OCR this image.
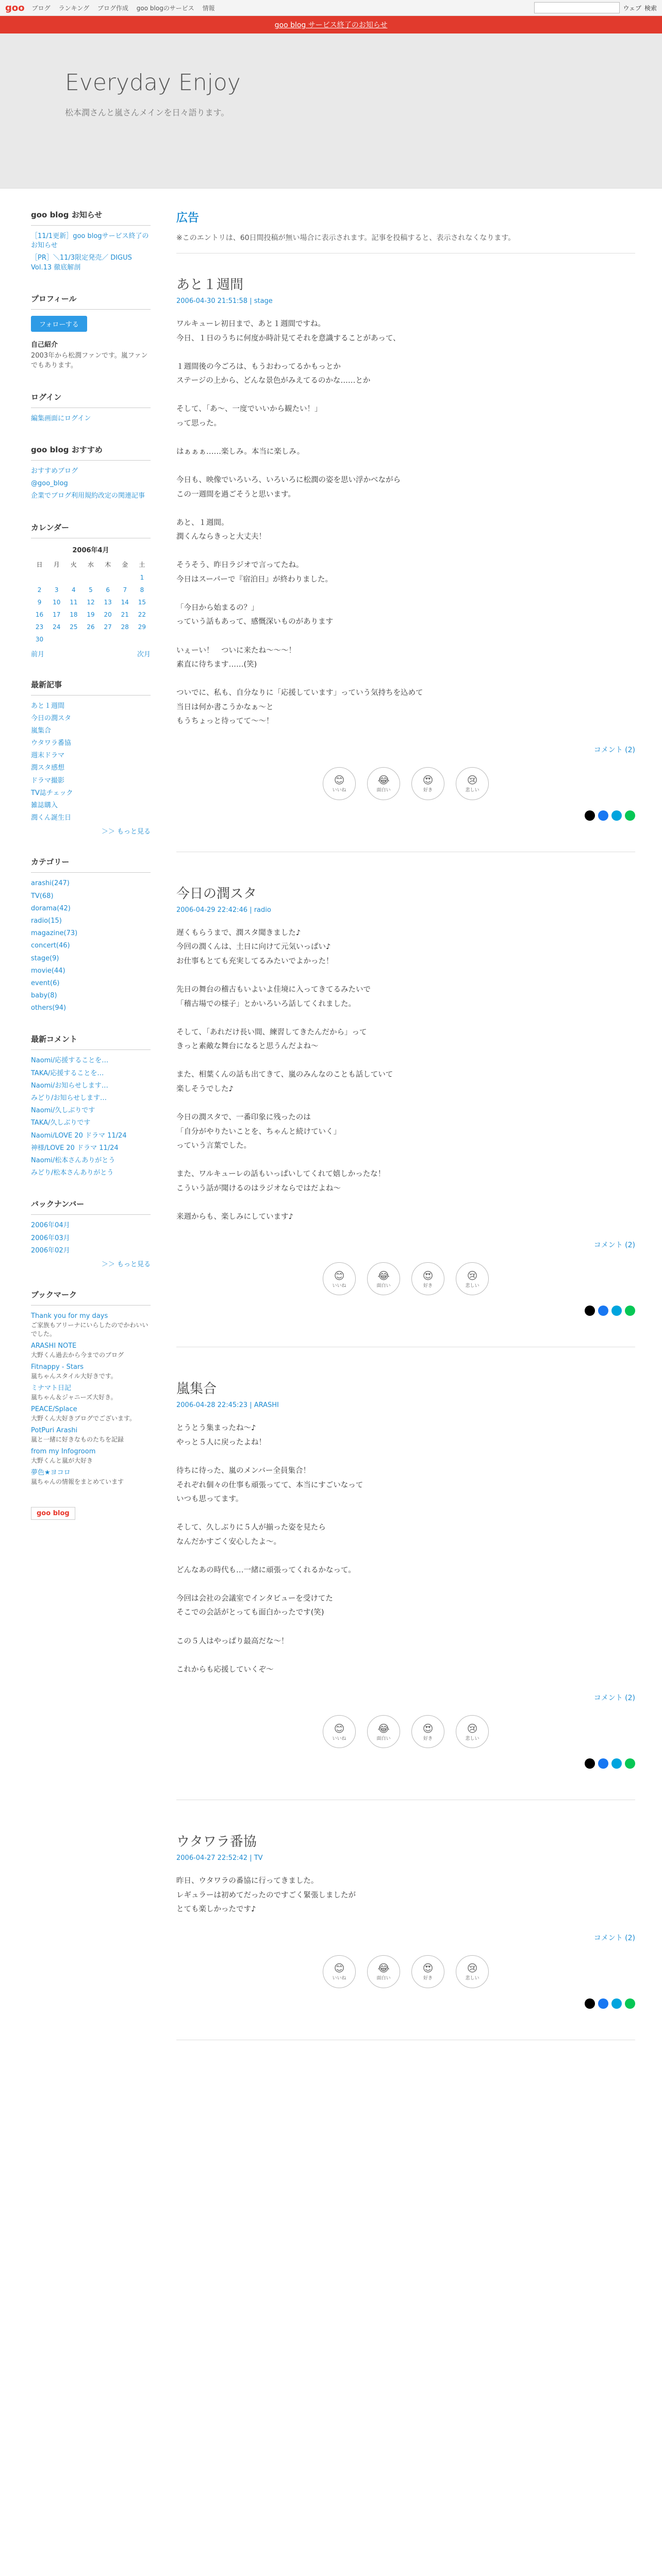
goo ブログ ランキング ブログ作成 goo blogのサービス 情報	ウェブ 検索
goo blog サービス終了のお知らせ
Everyday Enjoy
松本潤さんと嵐さんメインを日々語ります。
goo blog お知らせ
［11/1更新］goo blogサービス終了のお知らせ
［PR］＼11/3限定発売／ DIGUS Vol.13 徹底解剖
プロフィール
フォローする
自己紹介
2003年から松潤ファンです。嵐ファンでもあります。
ログイン
編集画面にログイン
goo blog おすすめ
おすすめブログ
@goo_blog
企業でブログ利用規約改定の関連記事
カレンダー
2006年4月
日	月	火	水	木	金	土
						1
2	3	4	5	6	7	8
9	10	11	12	13	14	15
16	17	18	19	20	21	22
23	24	25	26	27	28	29
30						
前月	次月
最新記事
あと１週間
今日の潤スタ
嵐集合
ウタワラ番協
週末ドラマ
潤スタ感想
ドラマ撮影
TV誌チェック
雑誌購入
潤くん誕生日
＞＞ もっと見る
カテゴリー
arashi(247)
TV(68)
dorama(42)
radio(15)
magazine(73)
concert(46)
stage(9)
movie(44)
event(6)
baby(8)
others(94)
最新コメント
Naomi/応援することを…
TAKA/応援することを…
Naomi/お知らせします…
みどり/お知らせします…
Naomi/久しぶりです
TAKA/久しぶりです
Naomi/LOVE 20 ドラマ 11/24
神様/LOVE 20 ドラマ 11/24
Naomi/松本さんありがとう
みどり/松本さんありがとう
バックナンバー
2006年04月
2006年03月
2006年02月
＞＞ もっと見る
ブックマーク
Thank you for my days
ご家族もアリーナにいらしたのでかわいいでした。
ARASHI NOTE
大野くん過去から今までのブログ
Fitnappy - Stars
嵐ちゃんスタイル大好きです。
ミナマト日記
嵐ちゃん＆ジャニーズ大好き。
PEACE/Splace
大野くん大好きブログでございます。
PotPuri Arashi
嵐と一緒に好きなものたちを記録
from my Infogroom
大野くんと嵐が大好き
夢色★ヨコロ
嵐ちゃんの情報をまとめています
goo blog
広告
※このエントリは、60日間投稿が無い場合に表示されます。記事を投稿すると、表示されなくなります。
あと１週間
2006-04-30 21:51:58 | stage
ワルキューレ初日まで、あと１週間ですね。
今日、１日のうちに何度か時計見てそれを意識することがあって、

１週間後の今ごろは、もうおわってるかもっとか
ステージの上から、どんな景色がみえてるのかな……とか

そして、「あ～、一度でいいから観たい！」
って思った。

はぁぁぁ……楽しみ。本当に楽しみ。

今日も、映像でいろいろ、いろいろに松潤の姿を思い浮かべながら
この一週間を過ごそうと思います。

あと、１週間。
潤くんならきっと大丈夫！

そうそう、昨日ラジオで言ってたね。
今日はスーパーで『宿泊日』が終わりました。

「今日から始まるの？」
っていう話もあって、感慨深いものがあります

いぇーい！　ついに来たね～～～！
素直に待ちます……(笑)

ついでに、私も、自分なりに「応援しています」っていう気持ちを込めて
当日は何か書こうかなぁ～と
もうちょっと待ってて～～！
コメント (2)
😊
いいね
😂
面白い
😍
好き
😢
悲しい
今日の潤スタ
2006-04-29 22:42:46 | radio
遅くもらうまで、潤スタ聞きました♪
今回の潤くんは、土日に向けて元気いっぱい♪
お仕事もとても充実してるみたいでよかった！

先日の舞台の稽古もいよいよ佳境に入ってきてるみたいで
「稽古場での様子」とかいろいろ話してくれました。

そして、「あれだけ長い間、練習してきたんだから」って
きっと素敵な舞台になると思うんだよね～

また、相葉くんの話も出てきて、嵐のみんなのことも話していて
楽しそうでした♪

今日の潤スタで、一番印象に残ったのは
「自分がやりたいことを、ちゃんと続けていく」
っていう言葉でした。

また、ワルキューレの話もいっぱいしてくれて嬉しかったな！
こういう話が聞けるのはラジオならではだよね～

来週からも、楽しみにしています♪
コメント (2)
😊
いいね
😂
面白い
😍
好き
😢
悲しい
嵐集合
2006-04-28 22:45:23 | ARASHI
とうとう集まったね～♪
やっと５人に戻ったよね！

待ちに待った、嵐のメンバー全員集合！
それぞれ個々の仕事も頑張ってて、本当にすごいなって
いつも思ってます。

そして、久しぶりに５人が揃った姿を見たら
なんだかすごく安心したよ～。

どんなあの時代も…一緒に頑張ってくれるかなって。

今回は会社の会議室でインタビューを受けてた
そこでの会話がとっても面白かったです(笑)

この５人はやっぱり最高だな～！

これからも応援していくぞ～
コメント (2)
😊
いいね
😂
面白い
😍
好き
😢
悲しい
ウタワラ番協
2006-04-27 22:52:42 | TV
昨日、ウタワラの番協に行ってきました。
レギュラーは初めてだったのですごく緊張しましたが
とても楽しかったです♪
コメント (2)
😊
いいね
😂
面白い
😍
好き
😢
悲しい
